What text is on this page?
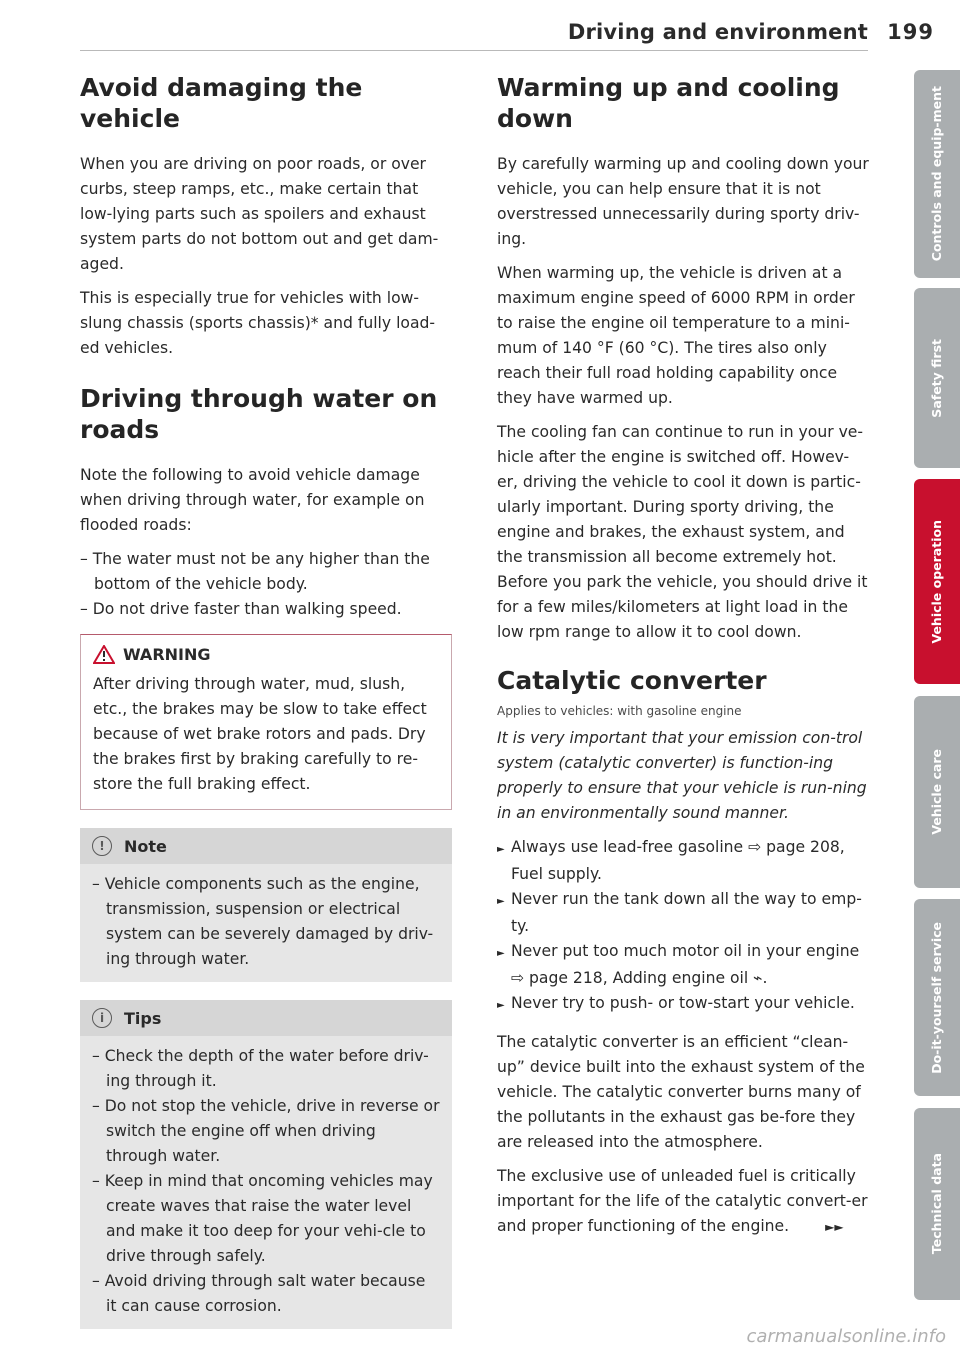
Driving and environment 199
Avoid damaging the vehicle

When you are driving on poor roads, or over curbs, steep ramps, etc., make certain that low-lying parts such as spoilers and exhaust system parts do not bottom out and get dam-aged.

This is especially true for vehicles with low-slung chassis (sports chassis)* and fully load-ed vehicles.

Driving through water on roads

Note the following to avoid vehicle damage when driving through water, for example on flooded roads:

– The water must not be any higher than the bottom of the vehicle body.
– Do not drive faster than walking speed.
WARNING

After driving through water, mud, slush, etc., the brakes may be slow to take effect because of wet brake rotors and pads. Dry the brakes first by braking carefully to re-store the full braking effect.

!	Note
– Vehicle components such as the engine, transmission, suspension or electrical system can be severely damaged by driv-ing through water.
i	Tips
– Check the depth of the water before driv-ing through it.
– Do not stop the vehicle, drive in reverse or switch the engine off when driving through water.
– Keep in mind that oncoming vehicles may create waves that raise the water level and make it too deep for your vehi-cle to drive through safely.
– Avoid driving through salt water because it can cause corrosion.
Warming up and cooling down

By carefully warming up and cooling down your vehicle, you can help ensure that it is not overstressed unnecessarily during sporty driv-ing.

When warming up, the vehicle is driven at a maximum engine speed of 6000 RPM in order to raise the engine oil temperature to a mini-mum of 140 °F (60 °C). The tires also only reach their full road holding capability once they have warmed up.

The cooling fan can continue to run in your ve-hicle after the engine is switched off. Howev-er, driving the vehicle to cool it down is partic-ularly important. During sporty driving, the engine and brakes, the exhaust system, and the transmission all become extremely hot. Before you park the vehicle, you should drive it for a few miles/kilometers at light load in the low rpm range to allow it to cool down.

Catalytic converter

Applies to vehicles: with gasoline engine

It is very important that your emission con-trol system (catalytic converter) is function-ing properly to ensure that your vehicle is run-ning in an environmentally sound manner.

► Always use lead-free gasoline ⇨ page 208, Fuel supply.
► Never run the tank down all the way to emp-ty.
► Never put too much motor oil in your engine ⇨ page 218, Adding engine oil ⌁.
► Never try to push- or tow-start your vehicle.

The catalytic converter is an efficient “clean-up” device built into the exhaust system of the vehicle. The catalytic converter burns many of the pollutants in the exhaust gas be-fore they are released into the atmosphere.

The exclusive use of unleaded fuel is critically important for the life of the catalytic convert-er and proper functioning of the engine.	►►

Controls and equip-ment
Safety first
Vehicle operation
Vehicle care
Do-it-yourself service
Technical data
carmanualsonline.info
